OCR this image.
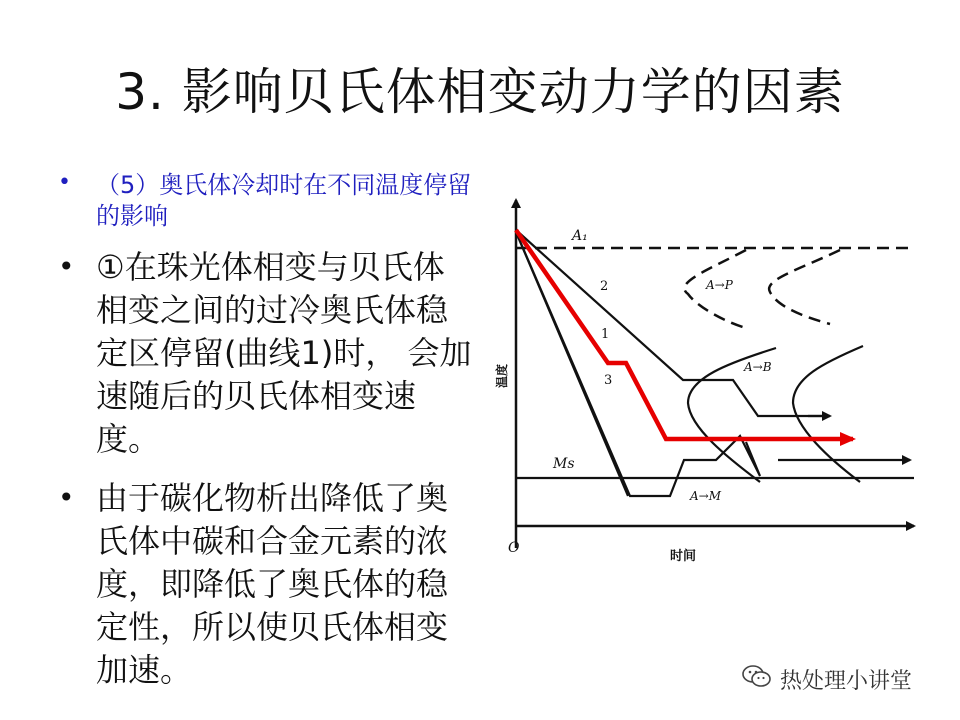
3. 影响贝氏体相变动力学的因素
• （5）奥氏体冷却时在不同温度停留的影响
• ①在珠光体相变与贝氏体相变之间的过冷奥氏体稳定区停留(曲线1)时， 会加速随后的贝氏体相变速度。
• 由于碳化物析出降低了奥氏体中碳和合金元素的浓度，即降低了奥氏体的稳定性，所以使贝氏体相变加速。
A₁
Ms
O
1
2
3
A→P
A→B
A→M
时间
温度
热处理小讲堂
